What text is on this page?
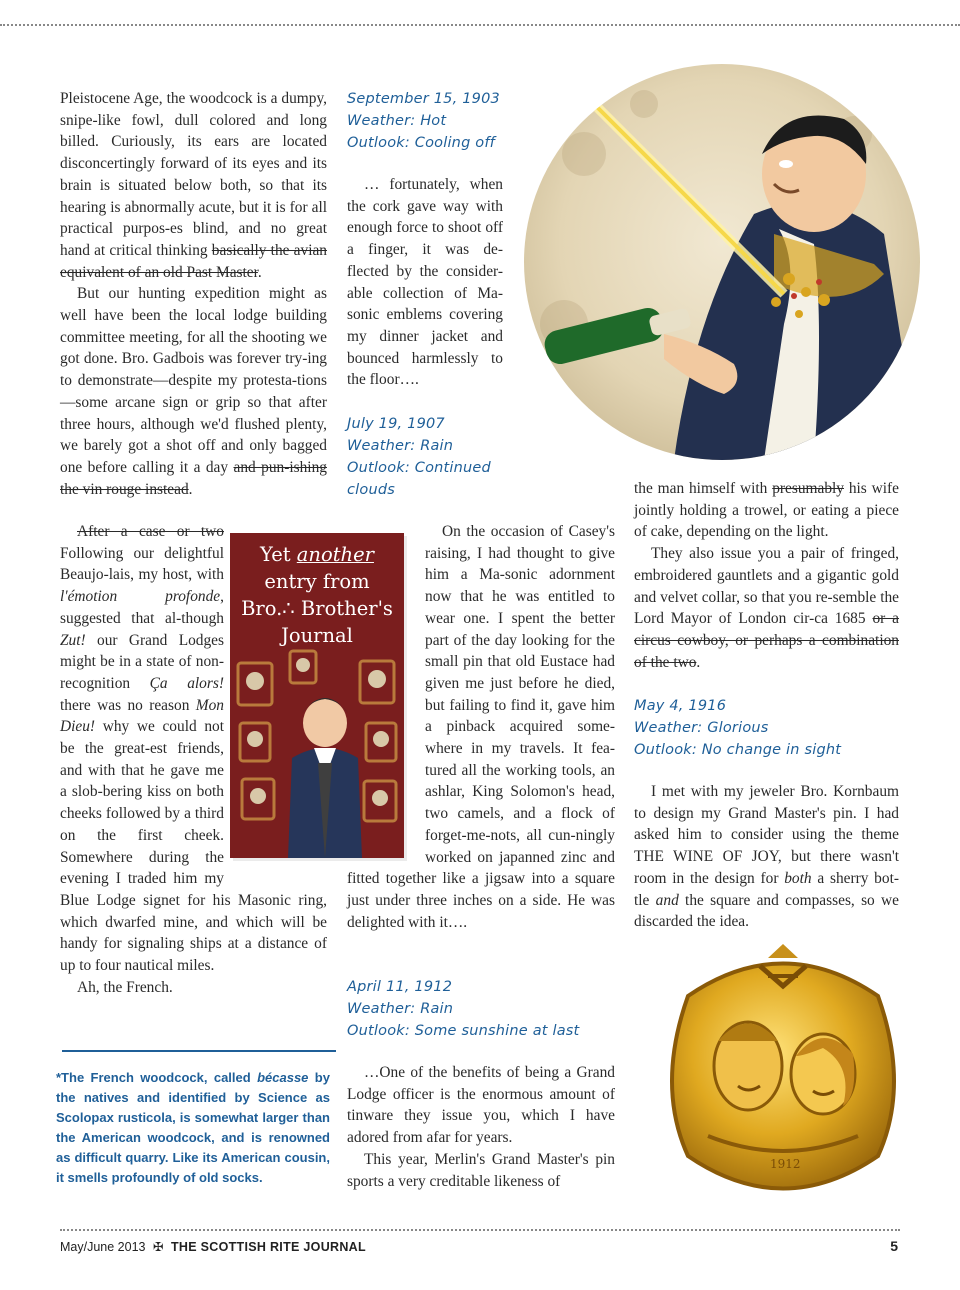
Pleistocene Age, the woodcock is a dumpy, snipe-like fowl, dull colored and long billed. Curiously, its ears are located disconcertingly forward of its eyes and its brain is situated below both, so that its hearing is abnormally acute, but it is for all practical purpos-es blind, and no great hand at critical thinking basically the avian equivalent of an old Past Master.

But our hunting expedition might as well have been the local lodge building committee meeting, for all the shooting we got done. Bro. Gadbois was forever try-ing to demonstrate—despite my protesta-tions—some arcane sign or grip so that after three hours, although we'd flushed plenty, we barely got a shot off and only bagged one before calling it a day and pun-ishing the vin rouge instead.

After a case or two Following our delightful Beaujo-lais, my host, with l'émotion profonde, suggested that al-though Zut! our Grand Lodges might be in a state of non-recognition Ça alors! there was no reason Mon Dieu! why we could not be the great-est friends, and with that he gave me a slob-bering kiss on both cheeks followed by a third on the first cheek. Somewhere during the evening I traded him my Blue Lodge signet for his Masonic ring, which dwarfed mine, and which will be handy for signaling ships at a distance of up to four nautical miles.

Ah, the French.

*The French woodcock, called bécasse by the natives and identified by Science as Scolopax rusticola, is somewhat larger than the American woodcock, and is renowned as difficult quarry. Like its American cousin, it smells profoundly of old socks.
Yet another
entry from
Bro.∴ Brother's
Journal
September 15, 1903
Weather: Hot
Outlook: Cooling off

… fortunately, when the cork gave way with enough force to shoot off a finger, it was de-flected by the consider-able collection of Ma-sonic emblems covering my dinner jacket and bounced harmlessly to the floor….

July 19, 1907
Weather: Rain
Outlook: Continued
clouds

On the occasion of Casey's raising, I had thought to give him a Ma-sonic adornment now that he was entitled to wear one. I spent the better part of the day looking for the small pin that old Eustace had given me just before he died, but failing to find it, gave him a pinback acquired some-where in my travels. It fea-tured all the working tools, an ashlar, King Solomon's head, two camels, and a flock of forget-me-nots, all cun-ningly worked on japanned zinc and fitted together like a jigsaw into a square just under three inches on a side. He was delighted with it….

April 11, 1912
Weather: Rain
Outlook: Some sunshine at last

…One of the benefits of being a Grand Lodge officer is the enormous amount of tinware they issue you, which I have adored from afar for years.

This year, Merlin's Grand Master's pin sports a very creditable likeness of

the man himself with presumably his wife jointly holding a trowel, or eating a piece of cake, depending on the light.

They also issue you a pair of fringed, embroidered gauntlets and a gigantic gold and velvet collar, so that you re-semble the Lord Mayor of London cir-ca 1685 or a circus cowboy, or perhaps a combination of the two.

May 4, 1916
Weather: Glorious
Outlook: No change in sight

I met with my jeweler Bro. Kornbaum to design my Grand Master's pin. I had asked him to consider using the theme THE WINE OF JOY, but there wasn't room in the design for both a sherry bot-tle and the square and compasses, so we discarded the idea.

1912
May/June 2013 ✠ THE SCOTTISH RITE JOURNAL	5
